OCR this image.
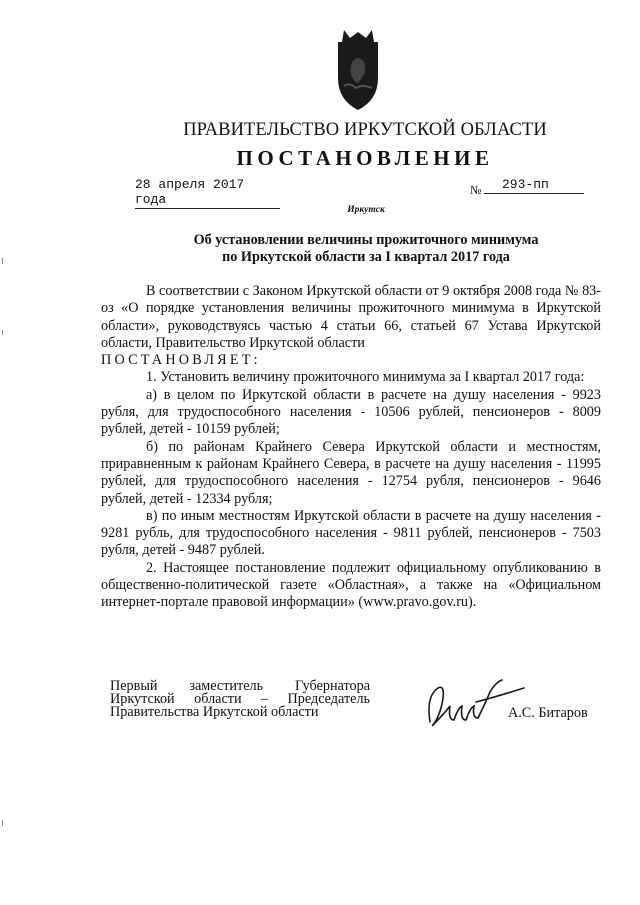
ПРАВИТЕЛЬСТВО ИРКУТСКОЙ ОБЛАСТИ
ПОСТАНОВЛЕНИЕ
28 апреля 2017 года
№	293-пп
Иркутск
Об установлении величины прожиточного минимума
по Иркутской области за I квартал 2017 года

В соответствии с Законом Иркутской области от 9 октября 2008 года № 83-оз «О порядке установления величины прожиточного минимума в Иркутской области», руководствуясь частью 4 статьи 66, статьей 67 Устава Иркутской области, Правительство Иркутской области

ПОСТАНОВЛЯЕТ:

1. Установить величину прожиточного минимума за I квартал 2017 года:

а) в целом по Иркутской области в расчете на душу населения - 9923 рубля, для трудоспособного населения - 10506 рублей, пенсионеров - 8009 рублей, детей - 10159 рублей;

б) по районам Крайнего Севера Иркутской области и местностям, приравненным к районам Крайнего Севера, в расчете на душу населения - 11995 рублей, для трудоспособного населения - 12754 рубля, пенсионеров - 9646 рублей, детей - 12334 рубля;

в) по иным местностям Иркутской области в расчете на душу населения - 9281 рубль, для трудоспособного населения - 9811 рублей, пенсионеров - 7503 рубля, детей - 9487 рублей.

2. Настоящее постановление подлежит официальному опубликованию в общественно-политической газете «Областная», а также на «Официальном интернет-портале правовой информации» (www.pravo.gov.ru).

Первый заместитель Губернатора
Иркутской области – Председатель
Правительства Иркутской области	А.С. Битаров
